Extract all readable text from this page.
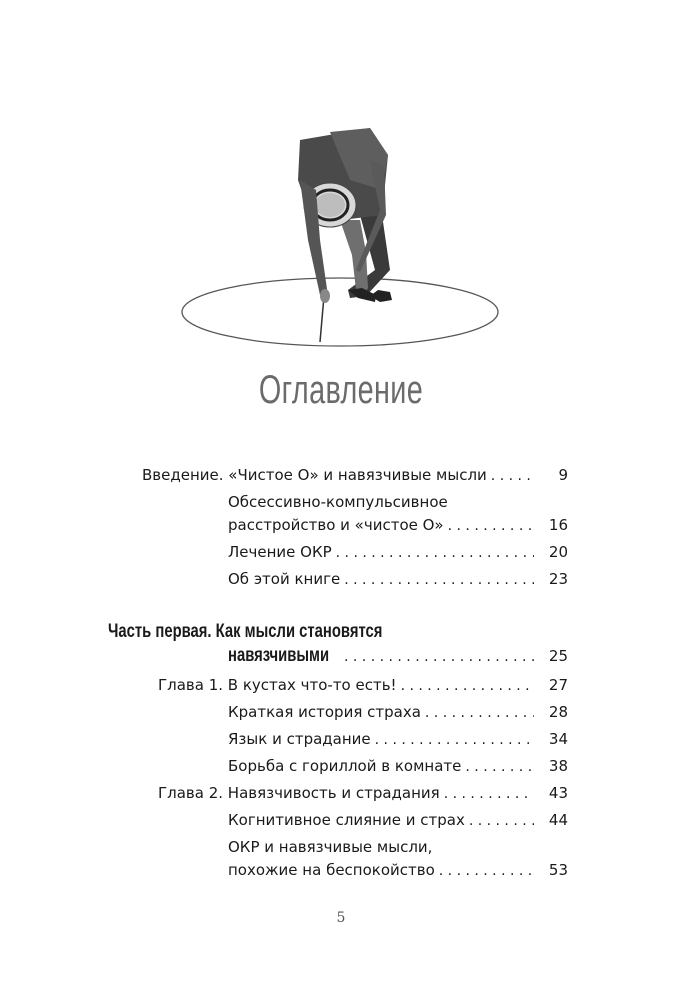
Оглавление
Введение. «Чистое О» и навязчивые мысли . . .	9
Обсессивно-компульсивное
расстройство и «чистое О» . . .	16
Лечение ОКР . . .	20
Об этой книге . . .	23
Часть первая. Как мысли становятся
навязчивыми . . .	25
Глава 1. В кустах что-то есть! . . .	27
Краткая история страха . . .	28
Язык и страдание . . .	34
Борьба с гориллой в комнате . . .	38
Глава 2. Навязчивость и страдания . . .	43
Когнитивное слияние и страх . . .	44
ОКР и навязчивые мысли,
похожие на беспокойство . . .	53
5
